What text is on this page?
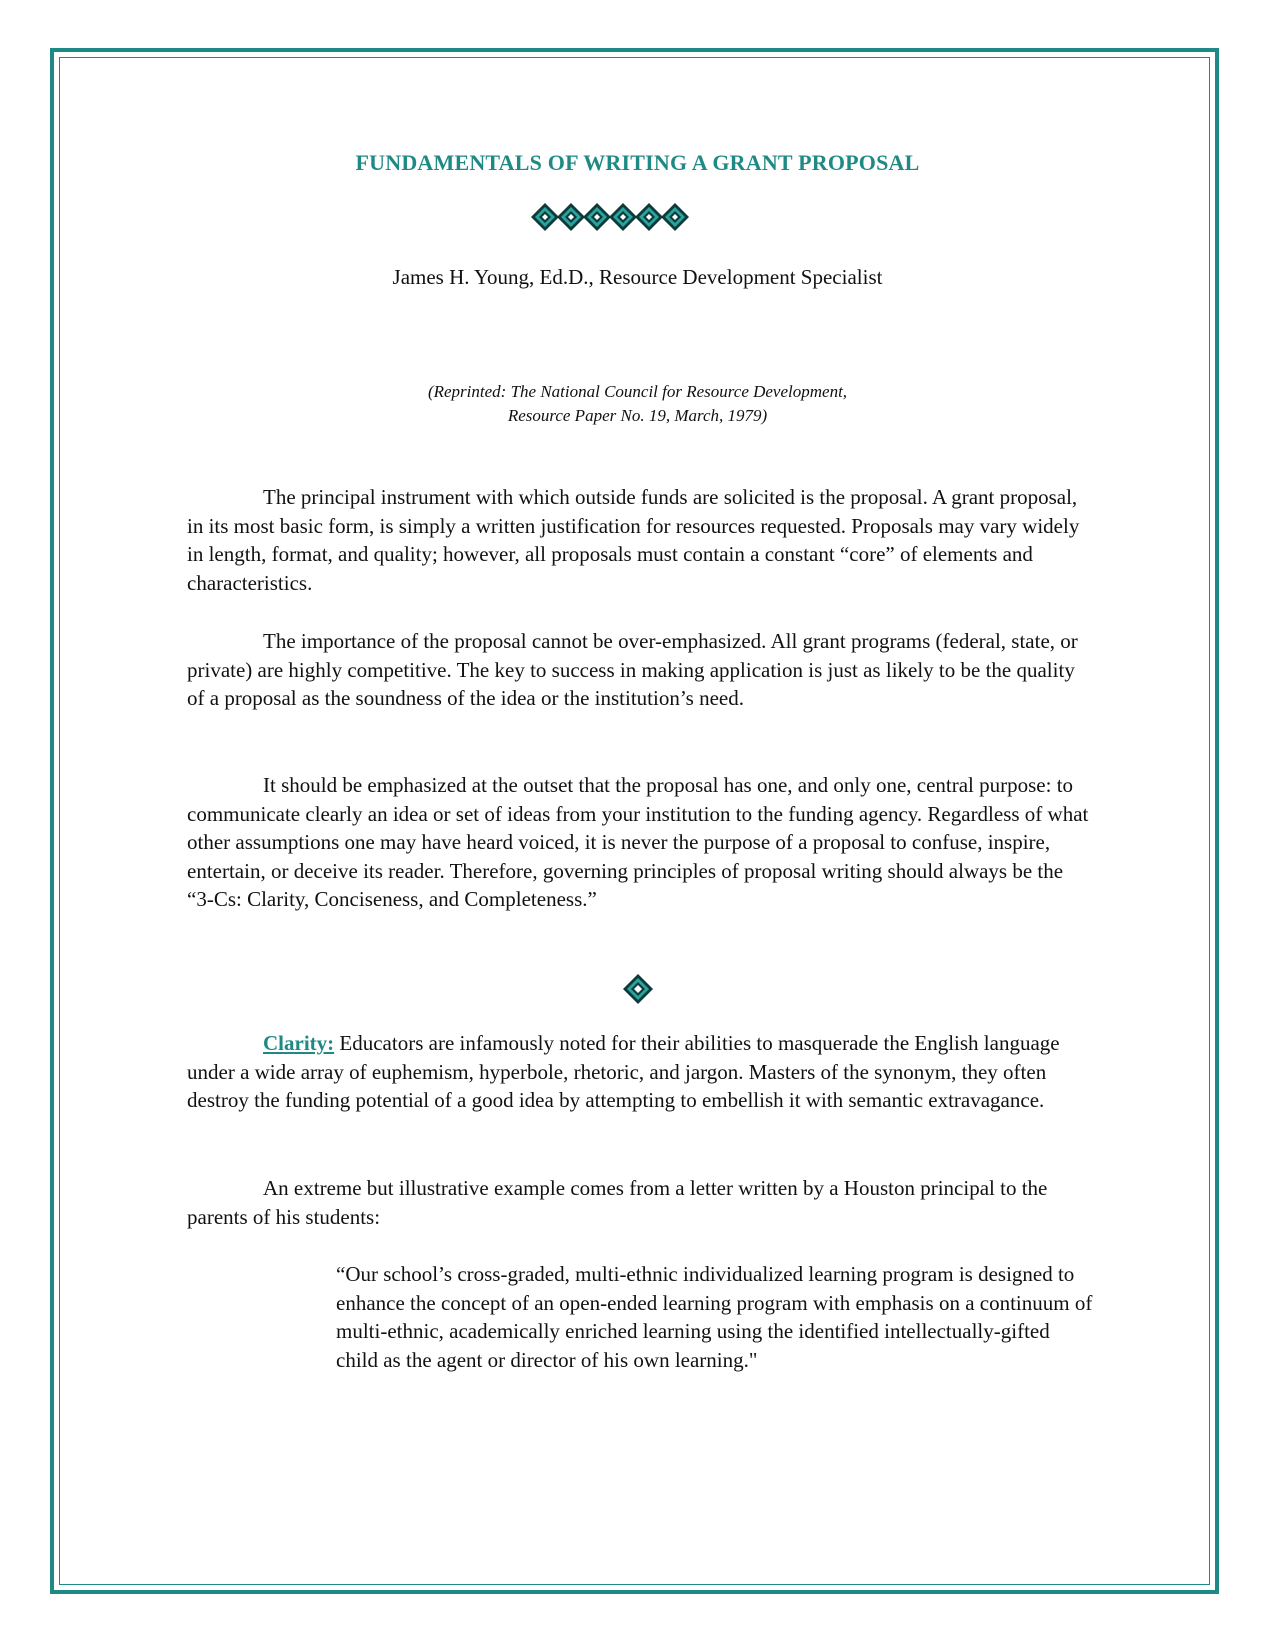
FUNDAMENTALS OF WRITING A GRANT PROPOSAL
James H. Young, Ed.D., Resource Development Specialist
(Reprinted: The National Council for Resource Development,
Resource Paper No. 19, March, 1979)

The principal instrument with which outside funds are solicited is the proposal. A grant proposal, in its most basic form, is simply a written justification for resources requested. Proposals may vary widely in length, format, and quality; however, all proposals must contain a constant “core” of elements and characteristics.

The importance of the proposal cannot be over-emphasized. All grant programs (federal, state, or private) are highly competitive. The key to success in making application is just as likely to be the quality of a proposal as the soundness of the idea or the institution’s need.

It should be emphasized at the outset that the proposal has one, and only one, central purpose: to communicate clearly an idea or set of ideas from your institution to the funding agency. Regardless of what other assumptions one may have heard voiced, it is never the purpose of a proposal to confuse, inspire, entertain, or deceive its reader. Therefore, governing principles of proposal writing should always be the “3-Cs: Clarity, Conciseness, and Completeness.”

Clarity: Educators are infamously noted for their abilities to masquerade the English language under a wide array of euphemism, hyperbole, rhetoric, and jargon. Masters of the synonym, they often destroy the funding potential of a good idea by attempting to embellish it with semantic extravagance.

An extreme but illustrative example comes from a letter written by a Houston principal to the parents of his students:

“Our school’s cross-graded, multi-ethnic individualized learning program is designed to enhance the concept of an open-ended learning program with emphasis on a continuum of multi-ethnic, academically enriched learning using the identified intellectually-gifted child as the agent or director of his own learning."
